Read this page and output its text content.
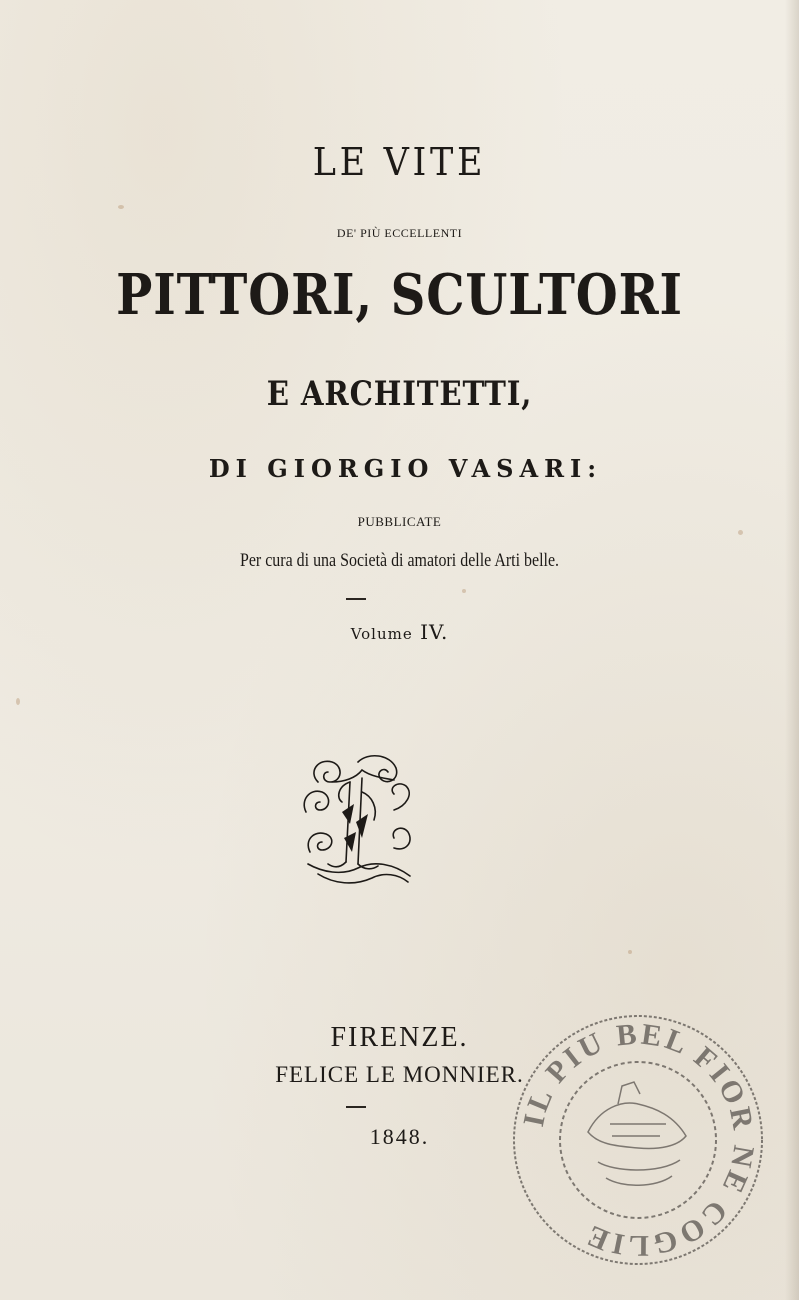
LE VITE

DE' PIÙ ECCELLENTI

PITTORI, SCULTORI
E ARCHITETTI,

DI GIORGIO VASARI:

PUBBLICATE

Per cura di una Società di amatori delle Arti belle.

Volume IV.

FIRENZE.

FELICE LE MONNIER.

1848.

IL PIU BEL FIOR NE COGLIE
